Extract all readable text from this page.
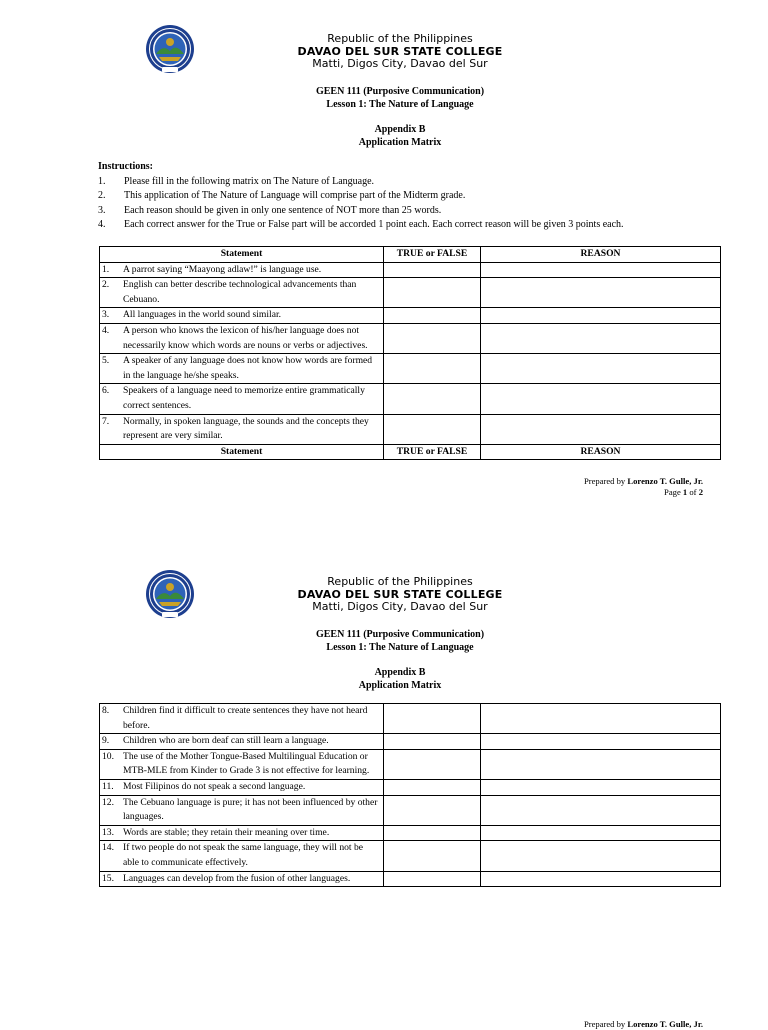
Republic of the Philippines
DAVAO DEL SUR STATE COLLEGE
Matti, Digos City, Davao del Sur
GEEN 111 (Purposive Communication)
Lesson 1: The Nature of Language
Appendix B
Application Matrix
Instructions:
1.	Please fill in the following matrix on The Nature of Language.
2.	This application of The Nature of Language will comprise part of the Midterm grade.
3.	Each reason should be given in only one sentence of NOT more than 25 words.
4.	Each correct answer for the True or False part will be accorded 1 point each. Each correct reason will be given 3 points each.
Statement	TRUE or FALSE	REASON

1. A parrot saying “Maayong adlaw!” is language use.		

2. English can better describe technological advancements than Cebuano.		

3. All languages in the world sound similar.		

4. A person who knows the lexicon of his/her language does not necessarily know which words are nouns or verbs or adjectives.		

5. A speaker of any language does not know how words are formed in the language he/she speaks.		

6. Speakers of a language need to memorize entire grammatically correct sentences.		

7. Normally, in spoken language, the sounds and the concepts they represent are very similar.		

Statement	TRUE or FALSE	REASON
Prepared by Lorenzo T. Gulle, Jr.
Page 1 of 2
Republic of the Philippines
DAVAO DEL SUR STATE COLLEGE
Matti, Digos City, Davao del Sur
GEEN 111 (Purposive Communication)
Lesson 1: The Nature of Language
Appendix B
Application Matrix
8. Children find it difficult to create sentences they have not heard before.		

9. Children who are born deaf can still learn a language.		

10. The use of the Mother Tongue-Based Multilingual Education or MTB-MLE from Kinder to Grade 3 is not effective for learning.		

11. Most Filipinos do not speak a second language.		

12. The Cebuano language is pure; it has not been influenced by other languages.		

13. Words are stable; they retain their meaning over time.		

14. If two people do not speak the same language, they will not be able to communicate effectively.		

15. Languages can develop from the fusion of other languages.		

Prepared by Lorenzo T. Gulle, Jr.
